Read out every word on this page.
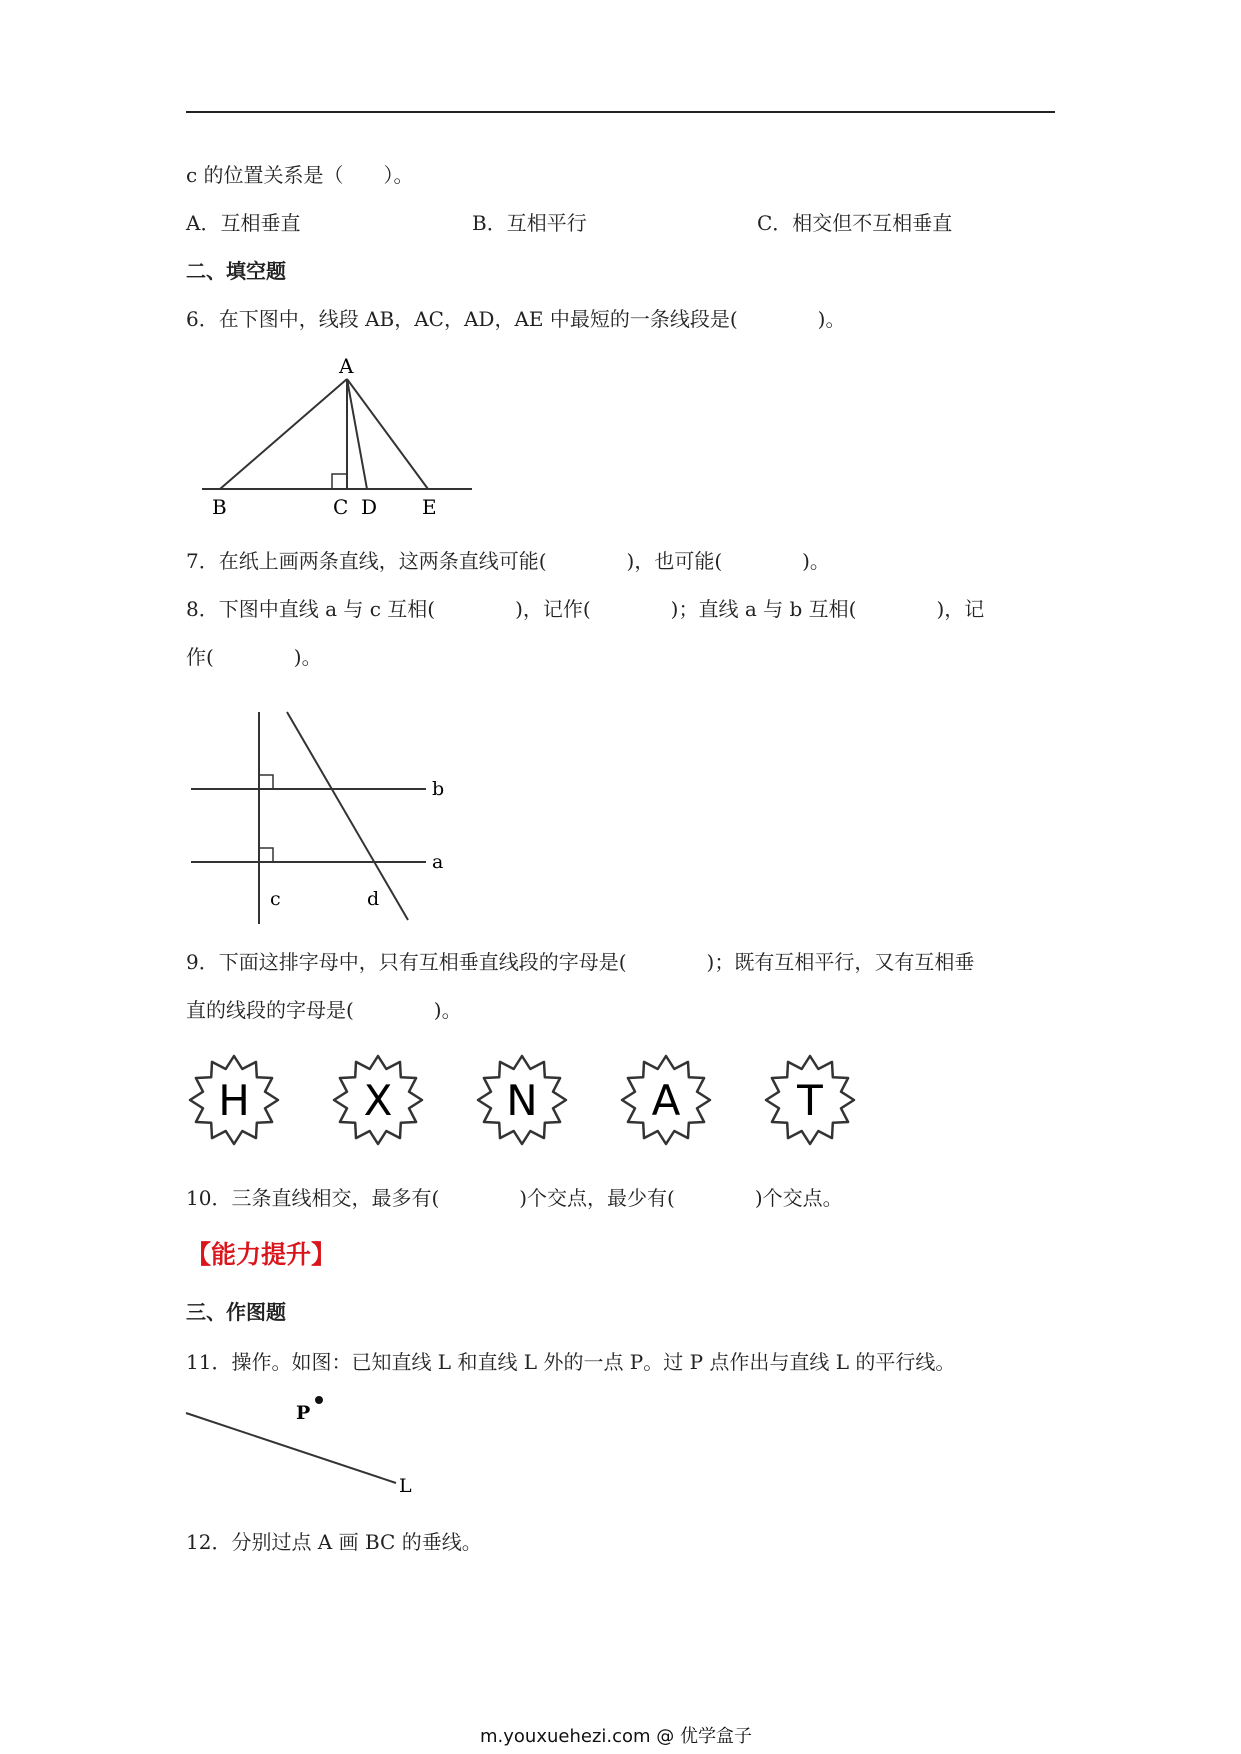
c 的位置关系是（　　）。
A．互相垂直	B．互相平行	C．相交但不互相垂直
二、填空题
6．在下图中，线段 AB，AC，AD，AE 中最短的一条线段是(　　　　)。
A
B	C D E
7．在纸上画两条直线，这两条直线可能(　　　　)，也可能(　　　　)。
8．下图中直线 a 与 c 互相(　　　　)，记作(　　　　)；直线 a 与 b 互相(　　　　)，记
作(　　　　)。
b
a
c	d
9．下面这排字母中，只有互相垂直线段的字母是(　　　　)；既有互相平行，又有互相垂
直的线段的字母是(　　　　)。
H	X	N	A	T
10．三条直线相交，最多有(　　　　)个交点，最少有(　　　　)个交点。
【能力提升】
三、作图题
11．操作。如图：已知直线 L 和直线 L 外的一点 P。过 P 点作出与直线 L 的平行线。
P
L
12．分别过点 A 画 BC 的垂线。
m.youxuehezi.com @ 优学盒子
